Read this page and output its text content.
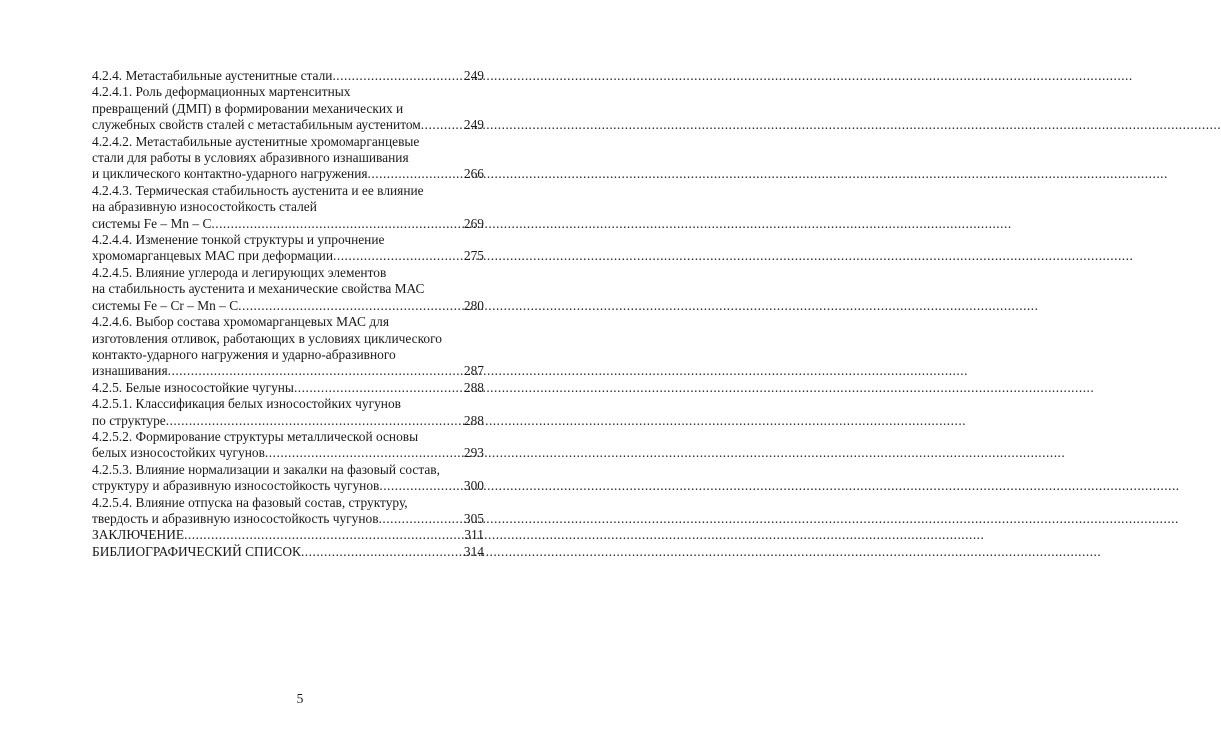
4.2.4. Метастабильные аустенитные стали .....	249
4.2.4.1. Роль деформационных мартенситных
превращений (ДМП) в формировании механических и
служебных свойств сталей с метастабильным аустенитом .....	249
4.2.4.2. Метастабильные аустенитные хромомарганцевые
стали для работы в условиях абразивного изнашивания
и циклического контактно-ударного нагружения .....	266
4.2.4.3. Термическая стабильность аустенита и ее влияние
на абразивную износостойкость сталей
системы Fe – Mn – C .....	269
4.2.4.4. Изменение тонкой структуры и упрочнение
хромомарганцевых МАС при деформации .....	275
4.2.4.5. Влияние углерода и легирующих элементов
на стабильность аустенита и механические свойства МАС
системы Fe – Cr – Mn – C .....	280
4.2.4.6. Выбор состава хромомарганцевых МАС для
изготовления отливок, работающих в условиях циклического
контакто-ударного нагружения и ударно-абразивного
изнашивания .....	287
4.2.5. Белые износостойкие чугуны .....	288
4.2.5.1. Классификация белых износостойких чугунов
по структуре .....	288
4.2.5.2. Формирование структуры металлической основы
белых износостойких чугунов .....	293
4.2.5.3. Влияние нормализации и закалки на фазовый состав,
структуру и абразивную износостойкость чугунов .....	300
4.2.5.4. Влияние отпуска на фазовый состав, структуру,
твердость и абразивную износостойкость чугунов .....	305
ЗАКЛЮЧЕНИЕ .....	311
БИБЛИОГРАФИЧЕСКИЙ СПИСОК .....	314
5
